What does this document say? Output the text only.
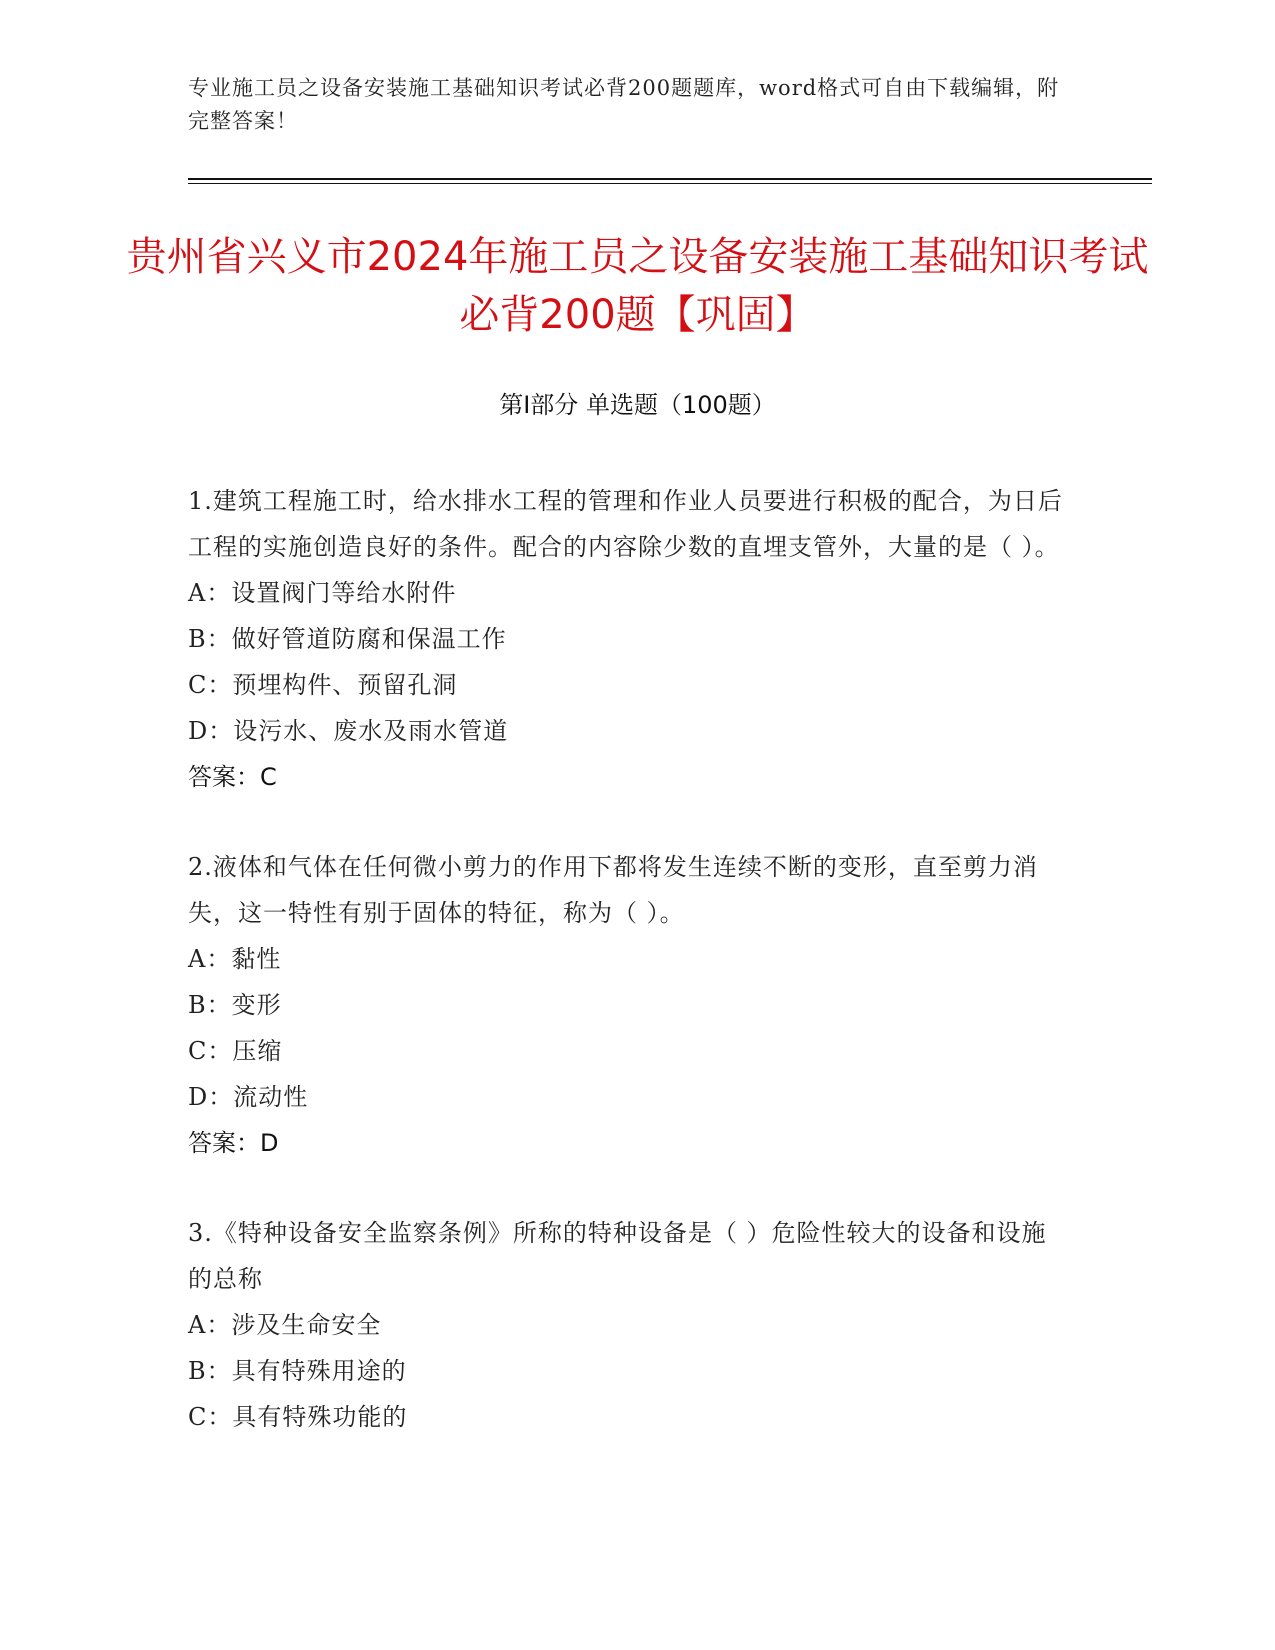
专业施工员之设备安装施工基础知识考试必背200题题库，word格式可自由下载编辑，附完整答案！
贵州省兴义市2024年施工员之设备安装施工基础知识考试必背200题【巩固】
第Ⅰ部分 单选题（100题）
1.建筑工程施工时，给水排水工程的管理和作业人员要进行积极的配合，为日后工程的实施创造良好的条件。配合的内容除少数的直埋支管外，大量的是（ ）。
A：设置阀门等给水附件
B：做好管道防腐和保温工作
C：预埋构件、预留孔洞
D：设污水、废水及雨水管道
答案：C
2.液体和气体在任何微小剪力的作用下都将发生连续不断的变形，直至剪力消失，这一特性有别于固体的特征，称为（ ）。
A：黏性
B：变形
C：压缩
D：流动性
答案：D
3.《特种设备安全监察条例》所称的特种设备是（ ）危险性较大的设备和设施的总称
A：涉及生命安全
B：具有特殊用途的
C：具有特殊功能的
